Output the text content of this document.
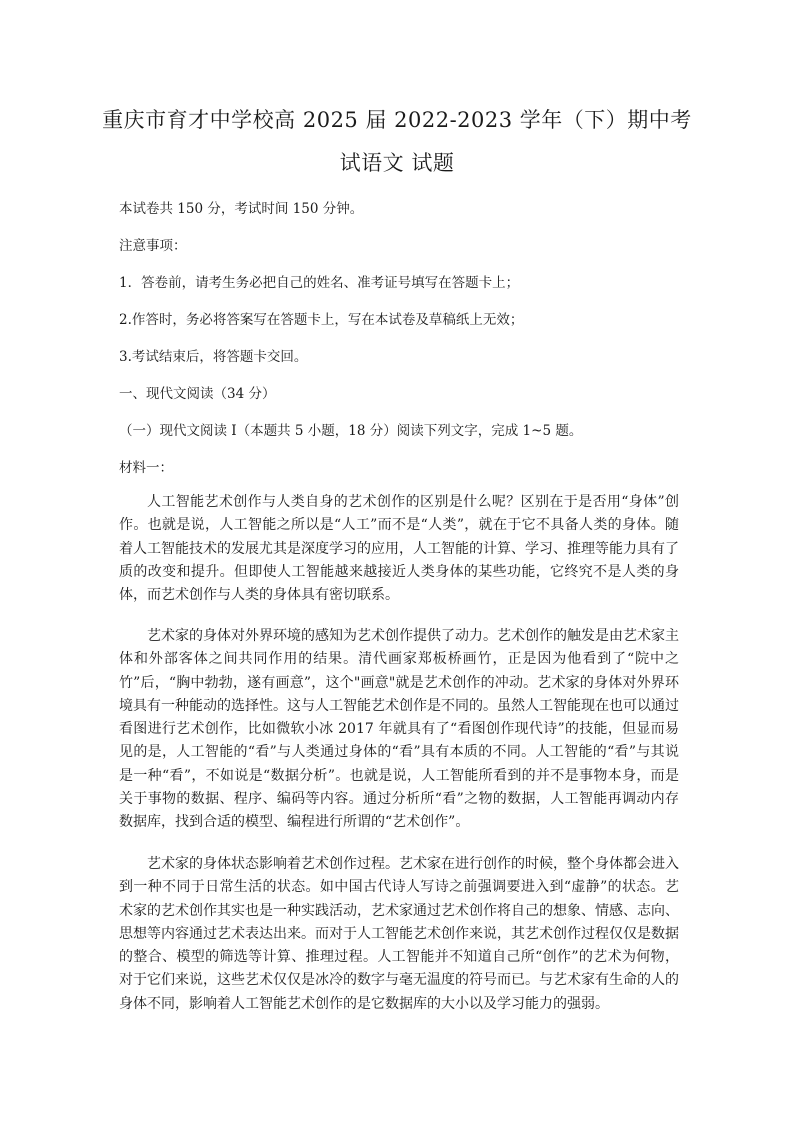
重庆市育才中学校高 2025 届 2022-2023 学年（下）期中考
试语文 试题
本试卷共 150 分，考试时间 150 分钟。
注意事项：
1．答卷前，请考生务必把自己的姓名、准考证号填写在答题卡上；
2.作答时，务必将答案写在答题卡上，写在本试卷及草稿纸上无效；
3.考试结束后，将答题卡交回。
一、现代文阅读（34 分）
（一）现代文阅读 I（本题共 5 小题，18 分）阅读下列文字，完成 1~5 题。
材料一：

人工智能艺术创作与人类自身的艺术创作的区别是什么呢？区别在于是否用“身体”创作。也就是说，人工智能之所以是“人工”而不是“人类”，就在于它不具备人类的身体。随着人工智能技术的发展尤其是深度学习的应用，人工智能的计算、学习、推理等能力具有了质的改变和提升。但即使人工智能越来越接近人类身体的某些功能，它终究不是人类的身体，而艺术创作与人类的身体具有密切联系。

艺术家的身体对外界环境的感知为艺术创作提供了动力。艺术创作的触发是由艺术家主体和外部客体之间共同作用的结果。清代画家郑板桥画竹，正是因为他看到了“院中之竹”后，“胸中勃勃，遂有画意”，这个"画意"就是艺术创作的冲动。艺术家的身体对外界环境具有一种能动的选择性。这与人工智能艺术创作是不同的。虽然人工智能现在也可以通过看图进行艺术创作，比如微软小冰 2017 年就具有了“看图创作现代诗”的技能，但显而易见的是，人工智能的“看”与人类通过身体的“看”具有本质的不同。人工智能的“看”与其说是一种“看”，不如说是“数据分析”。也就是说，人工智能所看到的并不是事物本身，而是关于事物的数据、程序、编码等内容。通过分析所“看”之物的数据，人工智能再调动内存数据库，找到合适的模型、编程进行所谓的“艺术创作”。

艺术家的身体状态影响着艺术创作过程。艺术家在进行创作的时候，整个身体都会进入到一种不同于日常生活的状态。如中国古代诗人写诗之前强调要进入到“虚静”的状态。艺术家的艺术创作其实也是一种实践活动，艺术家通过艺术创作将自己的想象、情感、志向、思想等内容通过艺术表达出来。而对于人工智能艺术创作来说，其艺术创作过程仅仅是数据的整合、模型的筛选等计算、推理过程。人工智能并不知道自己所“创作”的艺术为何物，对于它们来说，这些艺术仅仅是冰冷的数字与毫无温度的符号而已。与艺术家有生命的人的身体不同，影响着人工智能艺术创作的是它数据库的大小以及学习能力的强弱。
